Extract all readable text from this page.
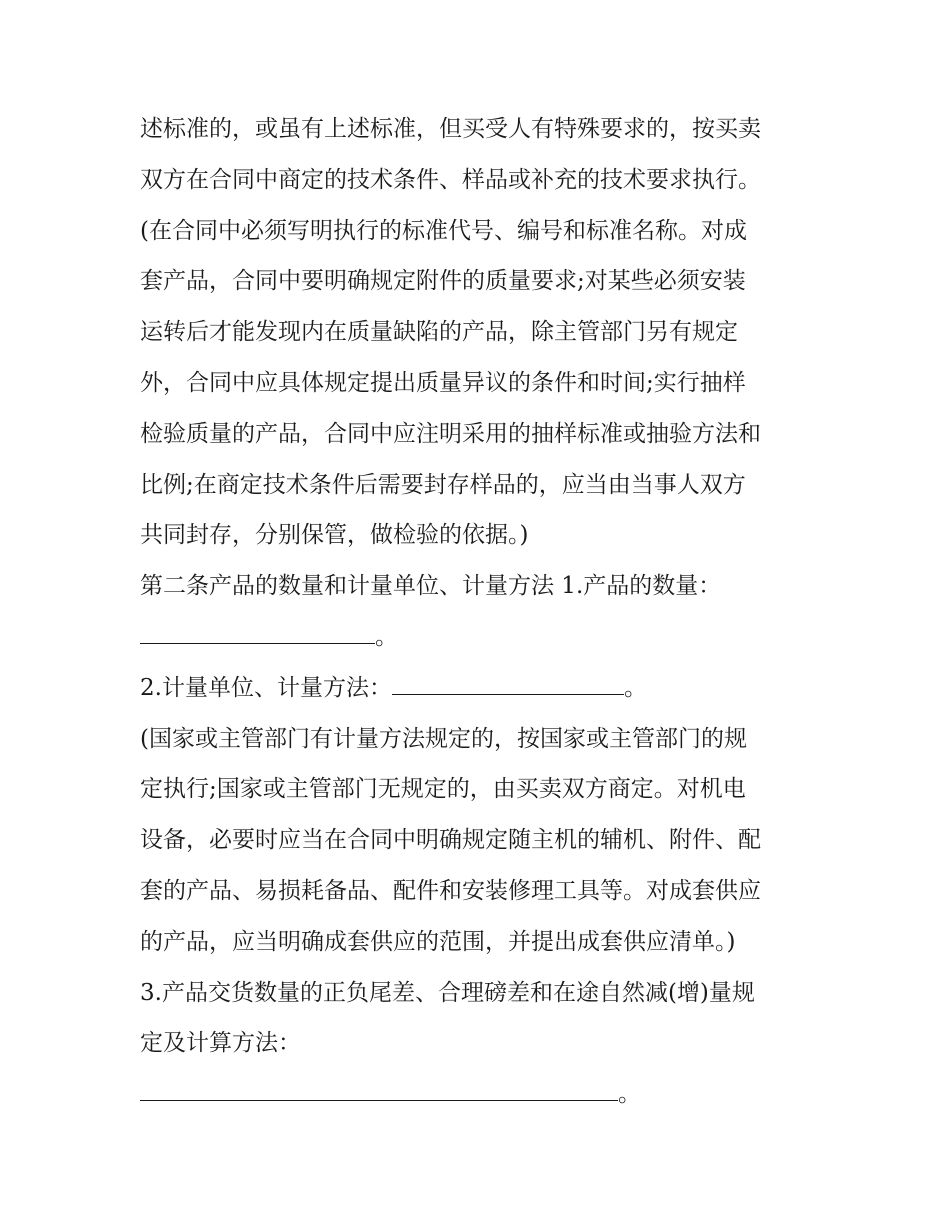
述标准的，或虽有上述标准，但买受人有特殊要求的，按买卖
双方在合同中商定的技术条件、样品或补充的技术要求执行。
(在合同中必须写明执行的标准代号、编号和标准名称。对成
套产品，合同中要明确规定附件的质量要求;对某些必须安装
运转后才能发现内在质量缺陷的产品，除主管部门另有规定
外，合同中应具体规定提出质量异议的条件和时间;实行抽样
检验质量的产品，合同中应注明采用的抽样标准或抽验方法和
比例;在商定技术条件后需要封存样品的，应当由当事人双方
共同封存，分别保管，做检验的依据。)
第二条产品的数量和计量单位、计量方法 1.产品的数量：
。
2.计量单位、计量方法：	。
(国家或主管部门有计量方法规定的，按国家或主管部门的规
定执行;国家或主管部门无规定的，由买卖双方商定。对机电
设备，必要时应当在合同中明确规定随主机的辅机、附件、配
套的产品、易损耗备品、配件和安装修理工具等。对成套供应
的产品，应当明确成套供应的范围，并提出成套供应清单。)
3.产品交货数量的正负尾差、合理磅差和在途自然减(增)量规
定及计算方法：
。
